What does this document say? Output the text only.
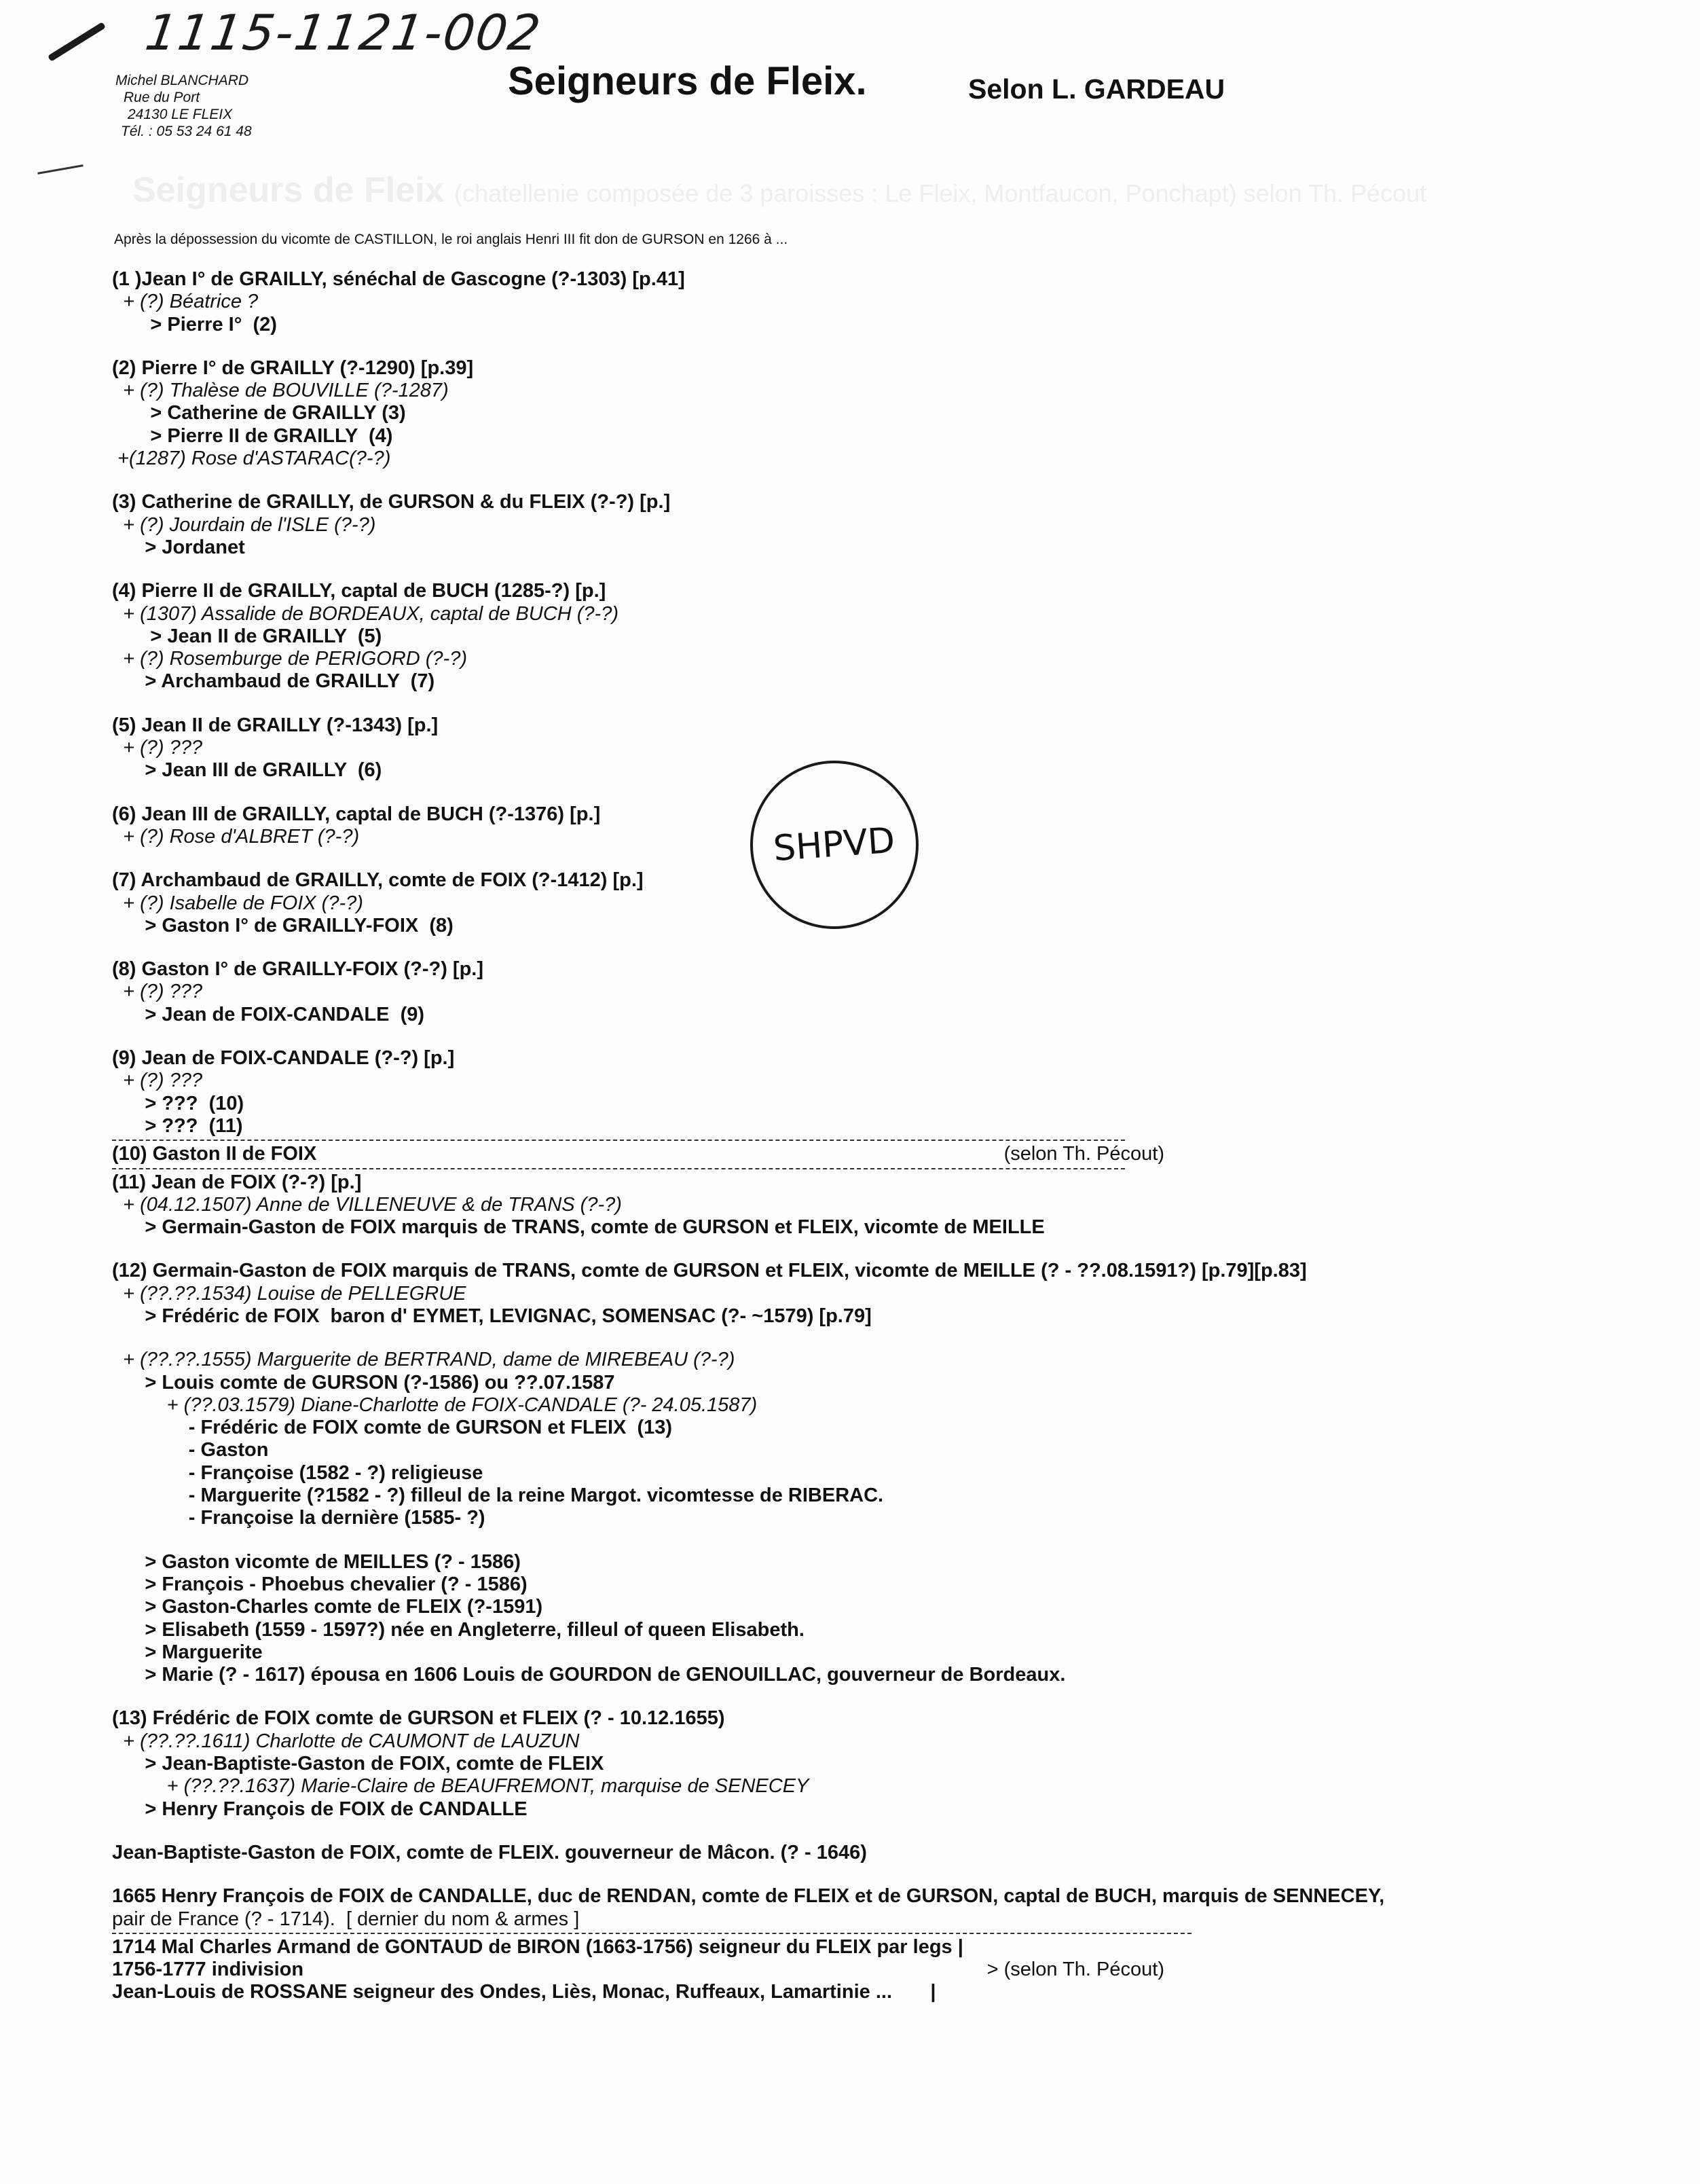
1115-1121-002
Michel BLANCHARD
Rue du Port
24130 LE FLEIX
Tél. : 05 53 24 61 48
Seigneurs de Fleix.	Selon L. GARDEAU
Seigneurs de Fleix (chatellenie composée de 3 paroisses : Le Fleix, Montfaucon, Ponchapt) selon Th. Pécout
Après la dépossession du vicomte de CASTILLON, le roi anglais Henri III fit don de GURSON en 1266 à ...
(1 )Jean I° de GRAILLY, sénéchal de Gascogne (?-1303) [p.41]
+ (?) Béatrice ?
> Pierre I°  (2)
(2) Pierre I° de GRAILLY (?-1290) [p.39]
+ (?) Thalèse de BOUVILLE (?-1287)
> Catherine de GRAILLY (3)
> Pierre II de GRAILLY  (4)
+(1287) Rose d'ASTARAC(?-?)
(3) Catherine de GRAILLY, de GURSON & du FLEIX (?-?) [p.]
+ (?) Jourdain de l'ISLE (?-?)
> Jordanet
(4) Pierre II de GRAILLY, captal de BUCH (1285-?) [p.]
+ (1307) Assalide de BORDEAUX, captal de BUCH (?-?)
> Jean II de GRAILLY  (5)
+ (?) Rosemburge de PERIGORD (?-?)
> Archambaud de GRAILLY  (7)
(5) Jean II de GRAILLY (?-1343) [p.]
+ (?) ???
> Jean III de GRAILLY  (6)
(6) Jean III de GRAILLY, captal de BUCH (?-1376) [p.]
+ (?) Rose d'ALBRET (?-?)
(7) Archambaud de GRAILLY, comte de FOIX (?-1412) [p.]
+ (?) Isabelle de FOIX (?-?)
> Gaston I° de GRAILLY-FOIX  (8)
(8) Gaston I° de GRAILLY-FOIX (?-?) [p.]
+ (?) ???
> Jean de FOIX-CANDALE  (9)
(9) Jean de FOIX-CANDALE (?-?) [p.]
+ (?) ???
> ???  (10)
> ???  (11)
(10) Gaston II de FOIX	(selon Th. Pécout)
(11) Jean de FOIX (?-?) [p.]
+ (04.12.1507) Anne de VILLENEUVE & de TRANS (?-?)
> Germain-Gaston de FOIX marquis de TRANS, comte de GURSON et FLEIX, vicomte de MEILLE
(12) Germain-Gaston de FOIX marquis de TRANS, comte de GURSON et FLEIX, vicomte de MEILLE (? - ??.08.1591?) [p.79][p.83]
+ (??.??.1534) Louise de PELLEGRUE
> Frédéric de FOIX  baron d' EYMET, LEVIGNAC, SOMENSAC (?- ~1579) [p.79]
+ (??.??.1555) Marguerite de BERTRAND, dame de MIREBEAU (?-?)
> Louis comte de GURSON (?-1586) ou ??.07.1587
+ (??.03.1579) Diane-Charlotte de FOIX-CANDALE (?- 24.05.1587)
- Frédéric de FOIX comte de GURSON et FLEIX  (13)
- Gaston
- Françoise (1582 - ?) religieuse
- Marguerite (?1582 - ?) filleul de la reine Margot. vicomtesse de RIBERAC.
- Françoise la dernière (1585- ?)
> Gaston vicomte de MEILLES (? - 1586)
> François - Phoebus chevalier (? - 1586)
> Gaston-Charles comte de FLEIX (?-1591)
> Elisabeth (1559 - 1597?) née en Angleterre, filleul of queen Elisabeth.
> Marguerite
> Marie (? - 1617) épousa en 1606 Louis de GOURDON de GENOUILLAC, gouverneur de Bordeaux.
(13) Frédéric de FOIX comte de GURSON et FLEIX (? - 10.12.1655)
+ (??.??.1611) Charlotte de CAUMONT de LAUZUN
> Jean-Baptiste-Gaston de FOIX, comte de FLEIX
+ (??.??.1637) Marie-Claire de BEAUFREMONT, marquise de SENECEY
> Henry François de FOIX de CANDALLE
Jean-Baptiste-Gaston de FOIX, comte de FLEIX. gouverneur de Mâcon. (? - 1646)
1665 Henry François de FOIX de CANDALLE, duc de RENDAN, comte de FLEIX et de GURSON, captal de BUCH, marquis de SENNECEY,
pair de France (? - 1714).  [ dernier du nom & armes ]
1714 Mal Charles Armand de GONTAUD de BIRON (1663-1756) seigneur du FLEIX par legs |
1756-1777 indivision	> (selon Th. Pécout)
Jean-Louis de ROSSANE seigneur des Ondes, Liès, Monac, Ruffeaux, Lamartinie ...       |
SHPVD
